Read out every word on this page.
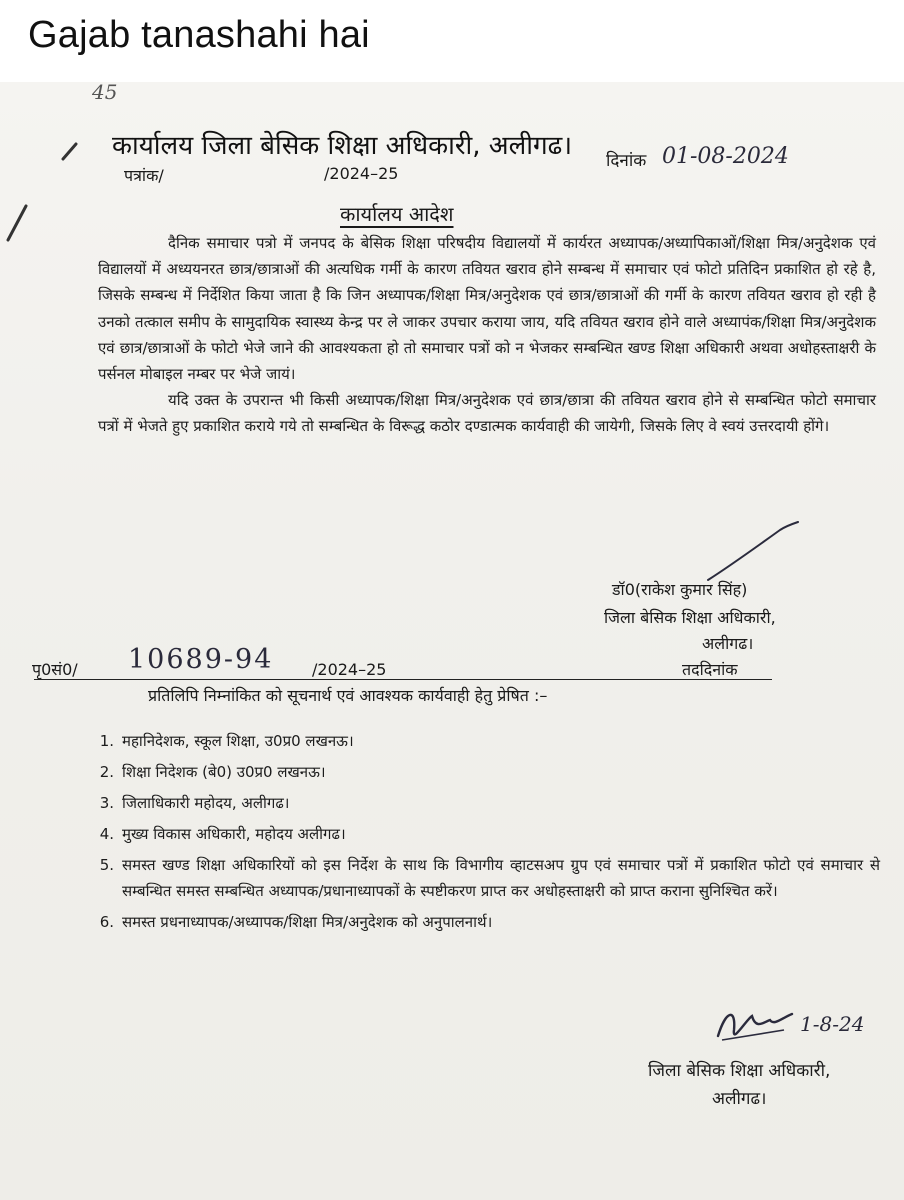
Gajab tanashahi hai
45
कार्यालय जिला बेसिक शिक्षा अधिकारी, अलीगढ।
पत्रांक/	/2024–25
दिनांक 01-08-2024
कार्यालय आदेश

दैनिक समाचार पत्रो में जनपद के बेसिक शिक्षा परिषदीय विद्यालयों में कार्यरत अध्यापक/अध्यापिकाओं/शिक्षा मित्र/अनुदेशक एवं विद्यालयों में अध्ययनरत छात्र/छात्राओं की अत्यधिक गर्मी के कारण तवियत खराव होने सम्बन्ध में समाचार एवं फोटो प्रतिदिन प्रकाशित हो रहे है, जिसके सम्बन्ध में निर्देशित किया जाता है कि जिन अध्यापक/शिक्षा मित्र/अनुदेशक एवं छात्र/छात्राओं की गर्मी के कारण तवियत खराव हो रही है उनको तत्काल समीप के सामुदायिक स्वास्थ्य केन्द्र पर ले जाकर उपचार कराया जाय, यदि तवियत खराव होने वाले अध्यापंक/शिक्षा मित्र/अनुदेशक एवं छात्र/छात्राओं के फोटो भेजे जाने की आवश्यकता हो तो समाचार पत्रों को न भेजकर सम्बन्धित खण्ड शिक्षा अधिकारी अथवा अधोहस्ताक्षरी के पर्सनल मोबाइल नम्बर पर भेजे जायं।

यदि उक्त के उपरान्त भी किसी अध्यापक/शिक्षा मित्र/अनुदेशक एवं छात्र/छात्रा की तवियत खराव होने से सम्बन्धित फोटो समाचार पत्रों में भेजते हुए प्रकाशित कराये गये तो सम्बन्धित के विरूद्ध कठोर दण्डात्मक कार्यवाही की जायेगी, जिसके लिए वे स्वयं उत्तरदायी होंगे।

डॉ0(राकेश कुमार सिंह)
जिला बेसिक शिक्षा अधिकारी,
अलीगढ।
पृ0सं0/ 10689-94 /2024–25	तददिनांक
प्रतिलिपि निम्नांकित को सूचनार्थ एवं आवश्यक कार्यवाही हेतु प्रेषित :–
1. महानिदेशक, स्कूल शिक्षा, उ0प्र0 लखनऊ।
2. शिक्षा निदेशक (बे0) उ0प्र0 लखनऊ।
3. जिलाधिकारी महोदय, अलीगढ।
4. मुख्य विकास अधिकारी, महोदय अलीगढ।
5. समस्त खण्ड शिक्षा अधिकारियों को इस निर्देश के साथ कि विभागीय व्हाटसअप ग्रुप एवं समाचार पत्रों में प्रकाशित फोटो एवं समाचार से सम्बन्धित समस्त सम्बन्धित अध्यापक/प्रधानाध्यापकों के स्पष्टीकरण प्राप्त कर अधोहस्ताक्षरी को प्राप्त कराना सुनिश्चित करें।
6. समस्त प्रधनाध्यापक/अध्यापक/शिक्षा मित्र/अनुदेशक को अनुपालनार्थ।
1-8-24
जिला बेसिक शिक्षा अधिकारी,
अलीगढ।
